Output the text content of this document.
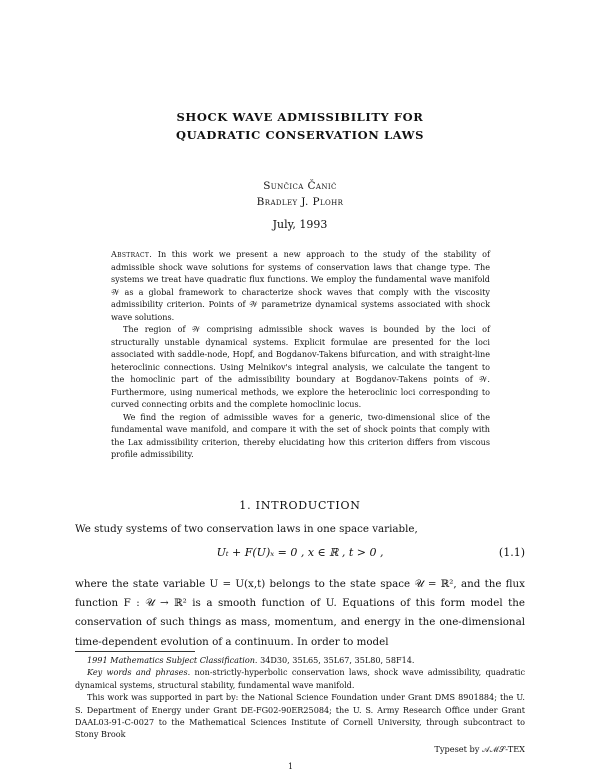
SHOCK WAVE ADMISSIBILITY FOR
QUADRATIC CONSERVATION LAWS
Sunčica Čanić
Bradley J. Plohr
July, 1993

Abstract. In this work we present a new approach to the study of the stability of admissible shock wave solutions for systems of conservation laws that change type. The systems we treat have quadratic flux functions. We employ the fundamental wave manifold 𝒲 as a global framework to characterize shock waves that comply with the viscosity admissibility criterion. Points of 𝒲 parametrize dynamical systems associated with shock wave solutions.

The region of 𝒲 comprising admissible shock waves is bounded by the loci of structurally unstable dynamical systems. Explicit formulae are presented for the loci associated with saddle-node, Hopf, and Bogdanov-Takens bifurcation, and with straight-line heteroclinic connections. Using Melnikov's integral analysis, we calculate the tangent to the homoclinic part of the admissibility boundary at Bogdanov-Takens points of 𝒲. Furthermore, using numerical methods, we explore the heteroclinic loci corresponding to curved connecting orbits and the complete homoclinic locus.

We find the region of admissible waves for a generic, two-dimensional slice of the fundamental wave manifold, and compare it with the set of shock points that comply with the Lax admissibility criterion, thereby elucidating how this criterion differs from viscous profile admissibility.

1. INTRODUCTION
We study systems of two conservation laws in one space variable,
Uₜ + F(U)ₓ = 0 , x ∈ ℝ , t > 0 ,	(1.1)

where the state variable U = U(x,t) belongs to the state space 𝒰 = ℝ², and the flux function F : 𝒰 → ℝ² is a smooth function of U. Equations of this form model the conservation of such things as mass, momentum, and energy in the one-dimensional time-dependent evolution of a continuum. In order to model

1991 Mathematics Subject Classification. 34D30, 35L65, 35L67, 35L80, 58F14.

Key words and phrases. non-strictly-hyperbolic conservation laws, shock wave admissibility, quadratic dynamical systems, structural stability, fundamental wave manifold.

This work was supported in part by: the National Science Foundation under Grant DMS 8901884; the U. S. Department of Energy under Grant DE-FG02-90ER25084; the U. S. Army Research Office under Grant DAAL03-91-C-0027 to the Mathematical Sciences Institute of Cornell University, through subcontract to Stony Brook

Typeset by 𝒜ℳ𝒮-TEX
1
